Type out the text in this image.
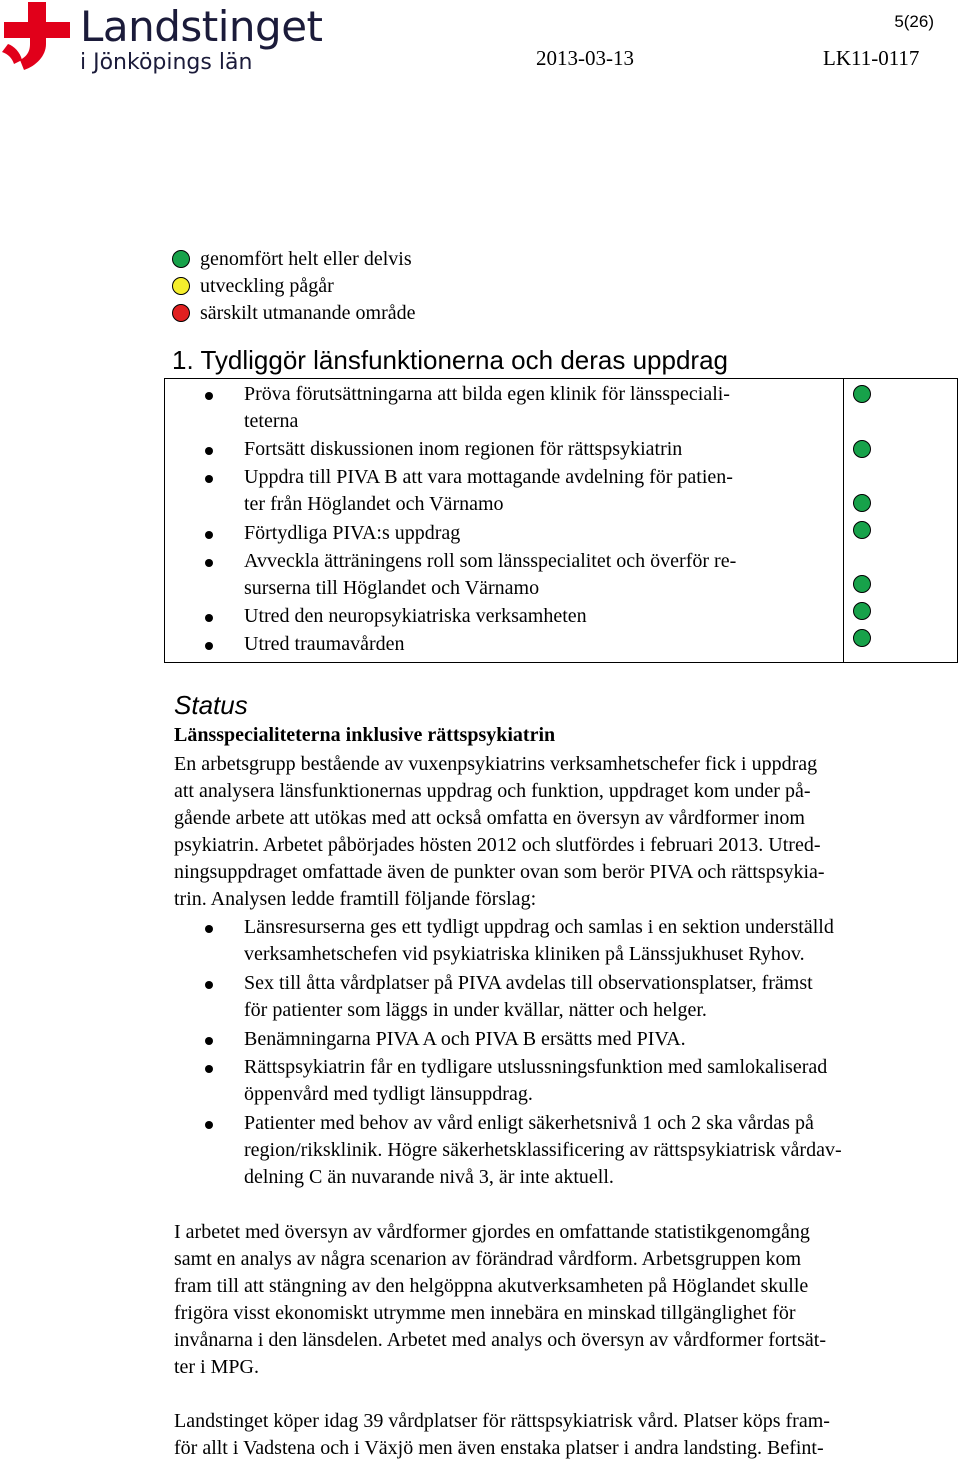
Landstinget
i Jönköpings län
5(26)
2013-03-13	LK11-0117
genomfört helt eller delvis
utveckling pågår
särskilt utmanande område
1. Tydliggör länsfunktionerna och deras uppdrag
Pröva förutsättningarna att bilda egen klinik för länsspeciali-
teterna
Fortsätt diskussionen inom regionen för rättspsykiatrin
Uppdra till PIVA B att vara mottagande avdelning för patien-
ter från Höglandet och Värnamo
Förtydliga PIVA:s uppdrag
Avveckla ätträningens roll som länsspecialitet och överför re-
surserna till Höglandet och Värnamo
Utred den neuropsykiatriska verksamheten
Utred traumavården
Status
Länsspecialiteterna inklusive rättspsykiatrin
En arbetsgrupp bestående av vuxenpsykiatrins verksamhetschefer fick i uppdrag
att analysera länsfunktionernas uppdrag och funktion, uppdraget kom under på-
gående arbete att utökas med att också omfatta en översyn av vårdformer inom
psykiatrin. Arbetet påbörjades hösten 2012 och slutfördes i februari 2013. Utred-
ningsuppdraget omfattade även de punkter ovan som berör PIVA och rättspsykia-
trin. Analysen ledde framtill följande förslag:
Länsresurserna ges ett tydligt uppdrag och samlas i en sektion underställd
verksamhetschefen vid psykiatriska kliniken på Länssjukhuset Ryhov.
Sex till åtta vårdplatser på PIVA avdelas till observationsplatser, främst
för patienter som läggs in under kvällar, nätter och helger.
Benämningarna PIVA A och PIVA B ersätts med PIVA.
Rättspsykiatrin får en tydligare utslussningsfunktion med samlokaliserad
öppenvård med tydligt länsuppdrag.
Patienter med behov av vård enligt säkerhetsnivå 1 och 2 ska vårdas på
region/riksklinik. Högre säkerhetsklassificering av rättspsykiatrisk vårdav-
delning C än nuvarande nivå 3, är inte aktuell.
I arbetet med översyn av vårdformer gjordes en omfattande statistikgenomgång
samt en analys av några scenarion av förändrad vårdform. Arbetsgruppen kom
fram till att stängning av den helgöppna akutverksamheten på Höglandet skulle
frigöra visst ekonomiskt utrymme men innebära en minskad tillgänglighet för
invånarna i den länsdelen. Arbetet med analys och översyn av vårdformer fortsät-
ter i MPG.
Landstinget köper idag 39 vårdplatser för rättspsykiatrisk vård. Platser köps fram-
för allt i Vadstena och i Växjö men även enstaka platser i andra landsting. Befint-
